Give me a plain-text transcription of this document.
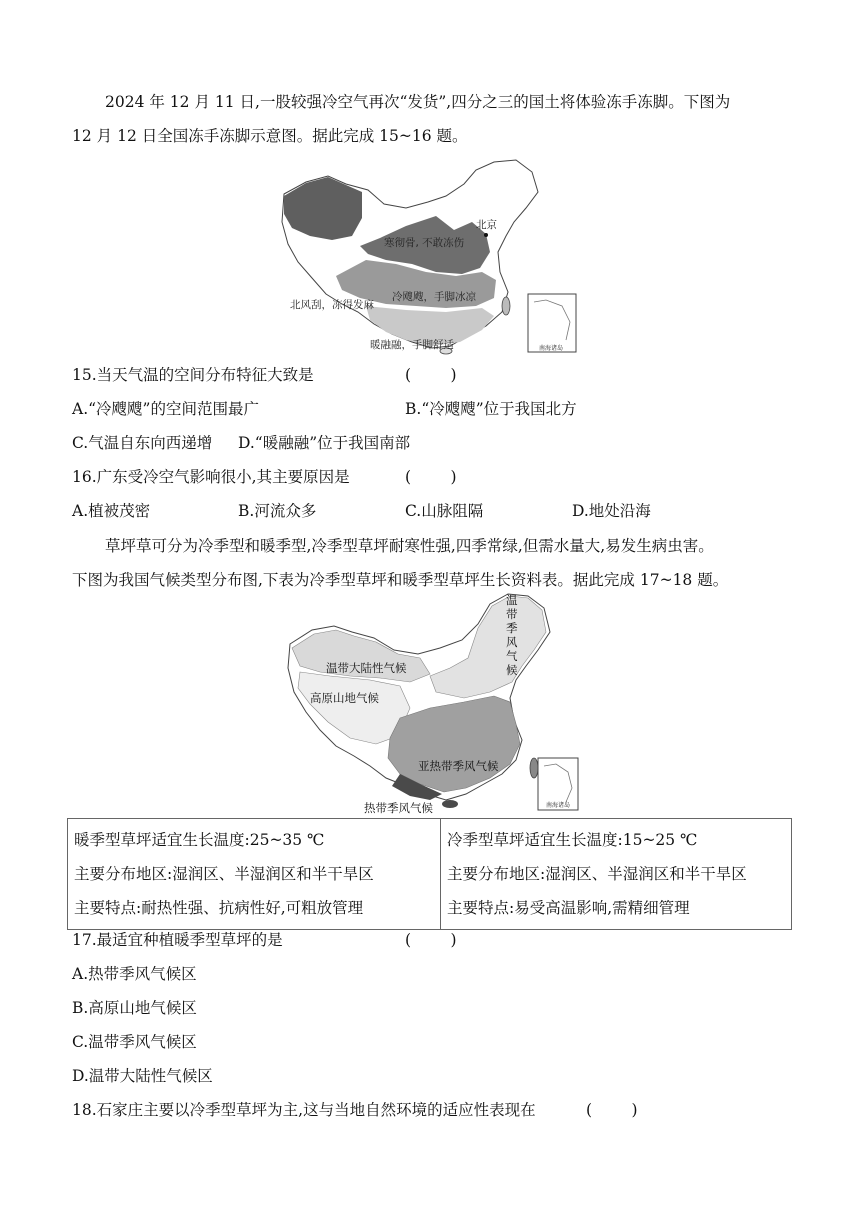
2024 年 12 月 11 日,一股较强冷空气再次“发货”,四分之三的国土将体验冻手冻脚。下图为
12 月 12 日全国冻手冻脚示意图。据此完成 15~16 题。
北京
寒彻骨, 不敢冻伤
北风刮，冻得发麻
冷飕飕，手脚冰凉
暖融融，手脚舒适	南海诸岛
15.当天气温的空间分布特征大致是	(        )
A.“冷飕飕”的空间范围最广	B.“冷飕飕”位于我国北方
C.气温自东向西递增 D.“暖融融”位于我国南部
16.广东受冷空气影响很小,其主要原因是	(        )
A.植被茂密	B.河流众多	C.山脉阻隔	D.地处沿海
草坪草可分为冷季型和暖季型,冷季型草坪耐寒性强,四季常绿,但需水量大,易发生病虫害。
下图为我国气候类型分布图,下表为冷季型草坪和暖季型草坪生长资料表。据此完成 17~18 题。
温带大陆性气候
高原山地气候
亚热带季风气候
热带季风气候	南海诸岛
温带季风气候
暖季型草坪适宜生长温度:25~35 ℃
主要分布地区:湿润区、半湿润区和半干旱区
主要特点:耐热性强、抗病性好,可粗放管理

冷季型草坪适宜生长温度:15~25 ℃
主要分布地区:湿润区、半湿润区和半干旱区
主要特点:易受高温影响,需精细管理
17.最适宜种植暖季型草坪的是	(        )
A.热带季风气候区
B.高原山地气候区
C.温带季风气候区
D.温带大陆性气候区
18.石家庄主要以冷季型草坪为主,这与当地自然环境的适应性表现在	(        )
